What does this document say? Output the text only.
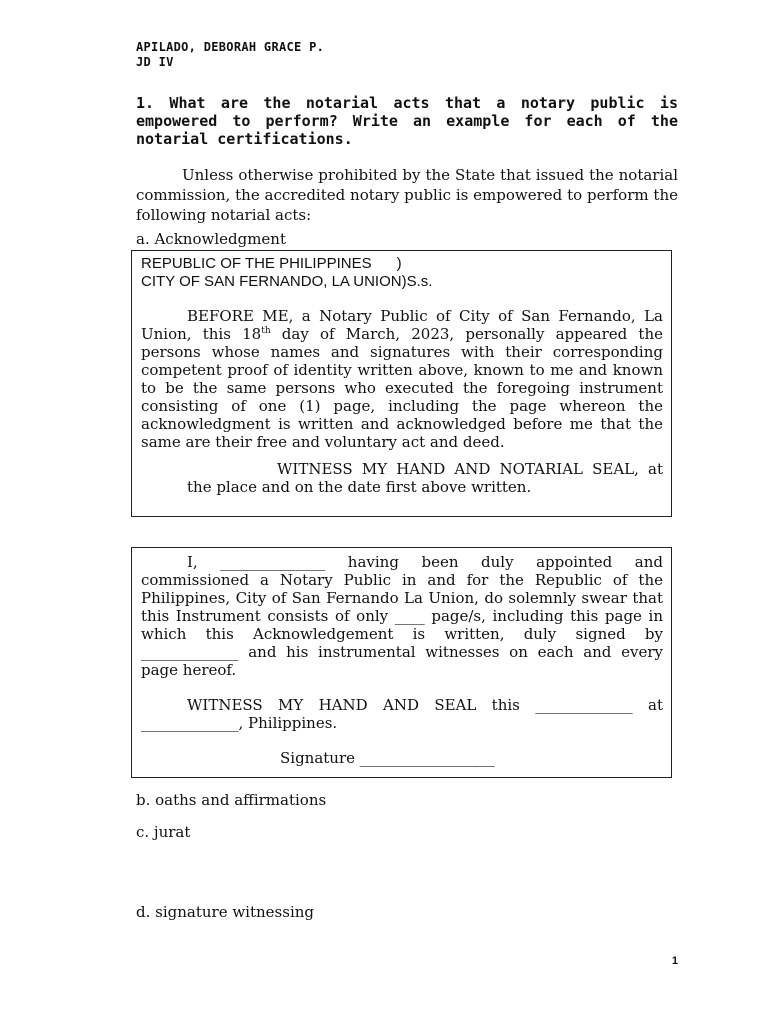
APILADO, DEBORAH GRACE P.
JD IV
1. What are the notarial acts that a notary public is empowered to perform? Write an example for each of the notarial certifications.
Unless otherwise prohibited by the State that issued the notarial commission, the accredited notary public is empowered to perform the following notarial acts:
a. Acknowledgment
REPUBLIC OF THE PHILIPPINES      )
CITY OF SAN FERNANDO, LA UNION)S.s.
BEFORE ME, a Notary Public of City of San Fernando, La Union, this 18th day of March, 2023, personally appeared the persons whose names and signatures with their corresponding competent proof of identity written above, known to me and known to be the same persons who executed the foregoing instrument consisting of one (1) page, including the page whereon the acknowledgment is written and acknowledged before me that the same are their free and voluntary act and deed.
WITNESS MY HAND AND NOTARIAL SEAL, at the place and on the date first above written.
I, ______________ having been duly appointed and commissioned a Notary Public in and for the Republic of the Philippines, City of San Fernando La Union, do solemnly swear that this Instrument consists of only ____ page/s, including this page in which this Acknowledgement is written, duly signed by _____________ and his instrumental witnesses on each and every page hereof.
WITNESS MY HAND AND SEAL this _____________ at _____________, Philippines.
Signature __________________
b. oaths and affirmations
c. jurat
d. signature witnessing
1
